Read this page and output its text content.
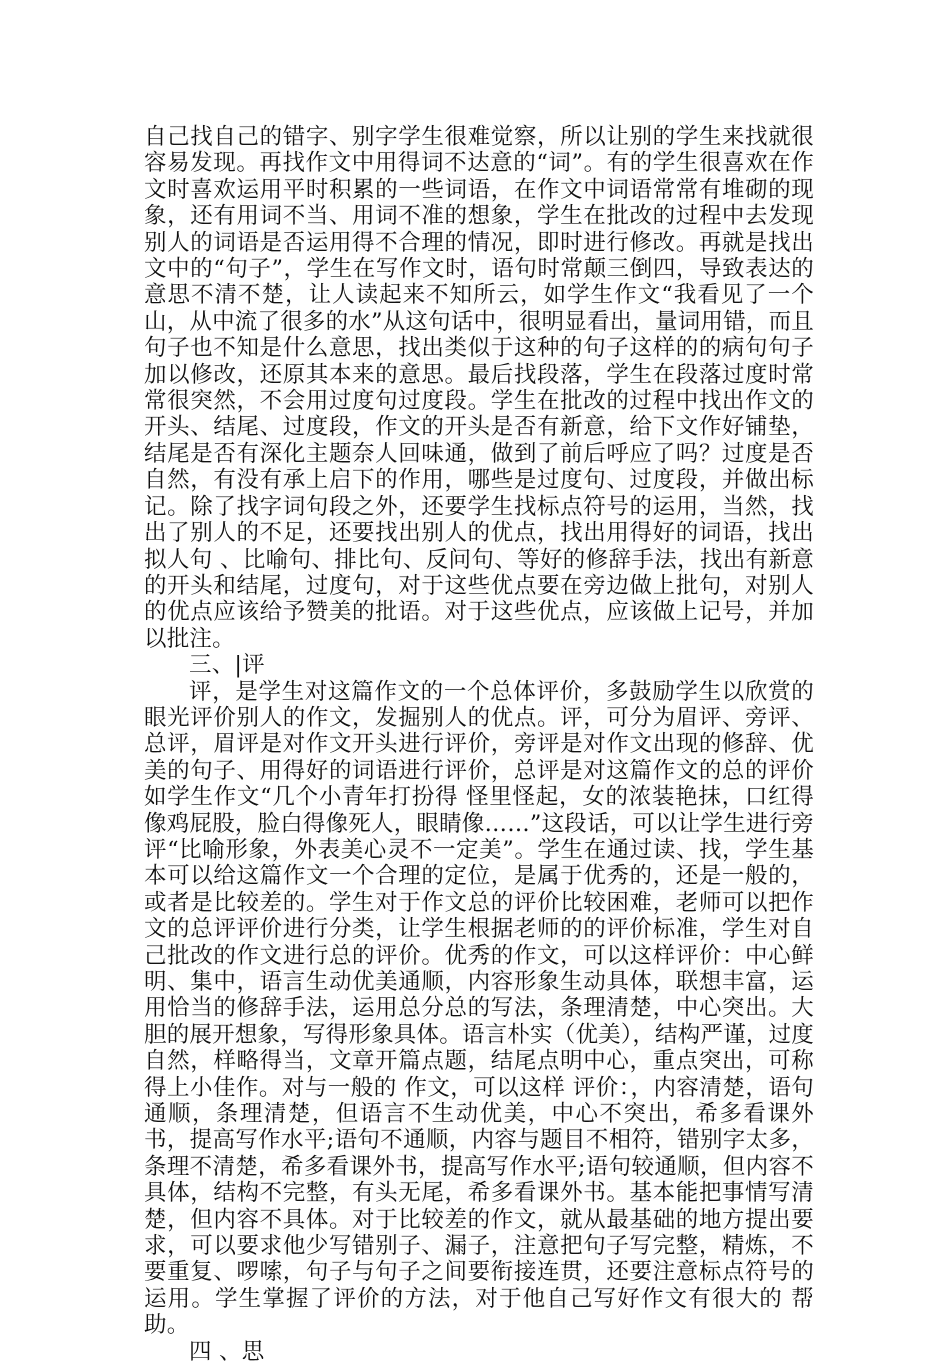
自己找自己的错字、别字学生很难觉察，所以让别的学生来找就很容易发现。再找作文中用得词不达意的“词”。有的学生很喜欢在作文时喜欢运用平时积累的一些词语，在作文中词语常常有堆砌的现象，还有用词不当、用词不准的想象，学生在批改的过程中去发现别人的词语是否运用得不合理的情况，即时进行修改。再就是找出文中的“句子”，学生在写作文时，语句时常颠三倒四，导致表达的意思不清不楚，让人读起来不知所云，如学生作文“我看见了一个山，从中流了很多的水”从这句话中，很明显看出，量词用错，而且句子也不知是什么意思，找出类似于这种的句子这样的的病句句子加以修改，还原其本来的意思。最后找段落，学生在段落过度时常常很突然，不会用过度句过度段。学生在批改的过程中找出作文的开头、结尾、过度段，作文的开头是否有新意，给下文作好铺垫，结尾是否有深化主题奈人回味通，做到了前后呼应了吗？过度是否自然，有没有承上启下的作用，哪些是过度句、过度段，并做出标记。除了找字词句段之外，还要学生找标点符号的运用，当然，找出了别人的不足，还要找出别人的优点，找出用得好的词语，找出拟人句 、比喻句、排比句、反问句、等好的修辞手法，找出有新意的开头和结尾，过度句，对于这些优点要在旁边做上批句，对别人的优点应该给予赞美的批语。对于这些优点，应该做上记号，并加以批注。

三、|评

评，是学生对这篇作文的一个总体评价，多鼓励学生以欣赏的眼光评价别人的作文，发掘别人的优点。评，可分为眉评、旁评、总评，眉评是对作文开头进行评价，旁评是对作文出现的修辞、优美的句子、用得好的词语进行评价，总评是对这篇作文的总的评价如学生作文“几个小青年打扮得 怪里怪起，女的浓装艳抹，口红得像鸡屁股，脸白得像死人，眼睛像……”这段话，可以让学生进行旁评“比喻形象，外表美心灵不一定美”。学生在通过读、找，学生基本可以给这篇作文一个合理的定位，是属于优秀的，还是一般的，或者是比较差的。学生对于作文总的评价比较困难，老师可以把作文的总评评价进行分类，让学生根据老师的的评价标准，学生对自己批改的作文进行总的评价。优秀的作文，可以这样评价：中心鲜明、集中，语言生动优美通顺，内容形象生动具体，联想丰富，运用恰当的修辞手法，运用总分总的写法，条理清楚，中心突出。大胆的展开想象，写得形象具体。语言朴实（优美），结构严谨，过度自然，样略得当，文章开篇点题，结尾点明中心，重点突出，可称得上小佳作。对与一般的 作文，可以这样 评价：，内容清楚，语句通顺，条理清楚，但语言不生动优美，中心不突出，希多看课外书，提高写作水平;语句不通顺，内容与题目不相符，错别字太多，条理不清楚，希多看课外书，提高写作水平;语句较通顺，但内容不具体，结构不完整，有头无尾，希多看课外书。基本能把事情写清楚，但内容不具体。对于比较差的作文，就从最基础的地方提出要求，可以要求他少写错别子、漏子，注意把句子写完整，精炼，不要重复、啰嗦，句子与句子之间要衔接连贯，还要注意标点符号的运用。学生掌握了评价的方法，对于他自己写好作文有很大的 帮助。

四 、思
